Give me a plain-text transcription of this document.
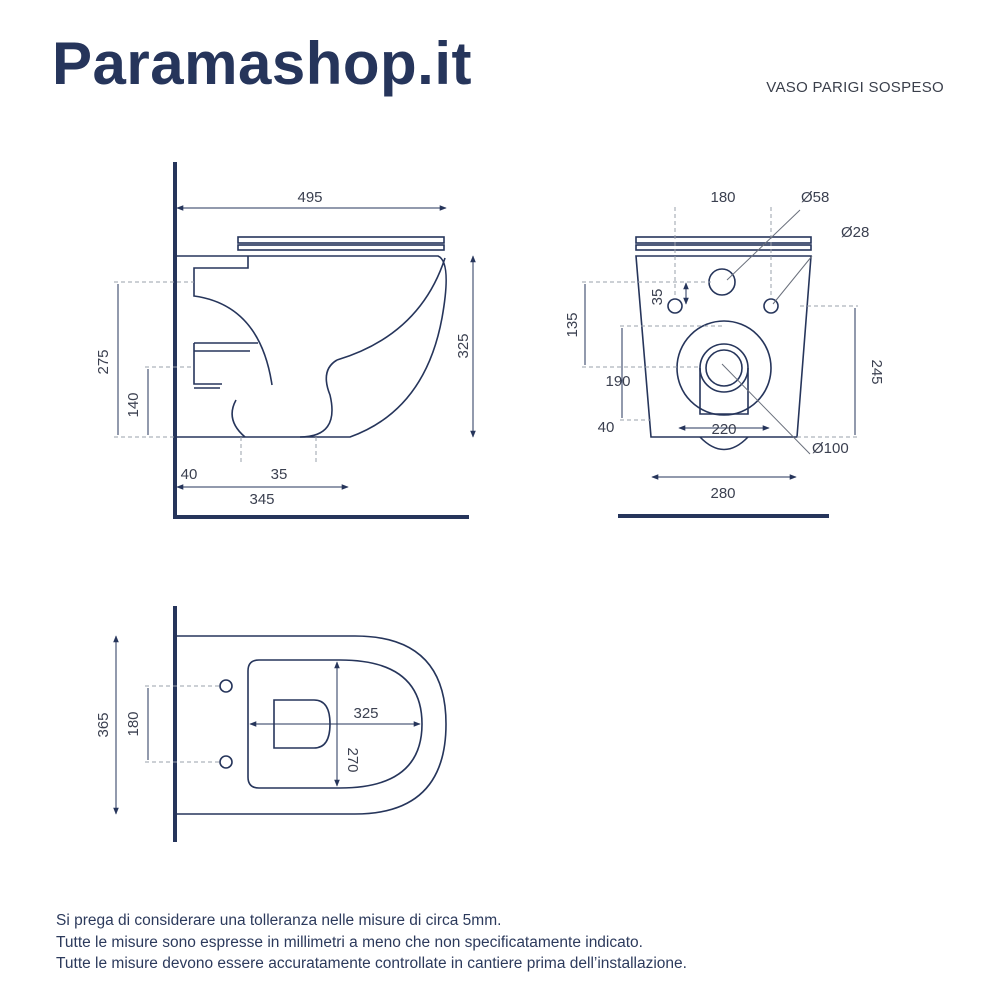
Paramashop.it	VASO PARIGI SOSPESO
495
325
275
140
40	35
345
180	Ø58
Ø28
35
135
190
40	220
245
Ø100
280
365 180	325
270

Si prega di considerare una tolleranza nelle misure di circa 5mm.

Tutte le misure sono espresse in millimetri a meno che non specificatamente indicato.

Tutte le misure devono essere accuratamente controllate in cantiere prima dell’installazione.
